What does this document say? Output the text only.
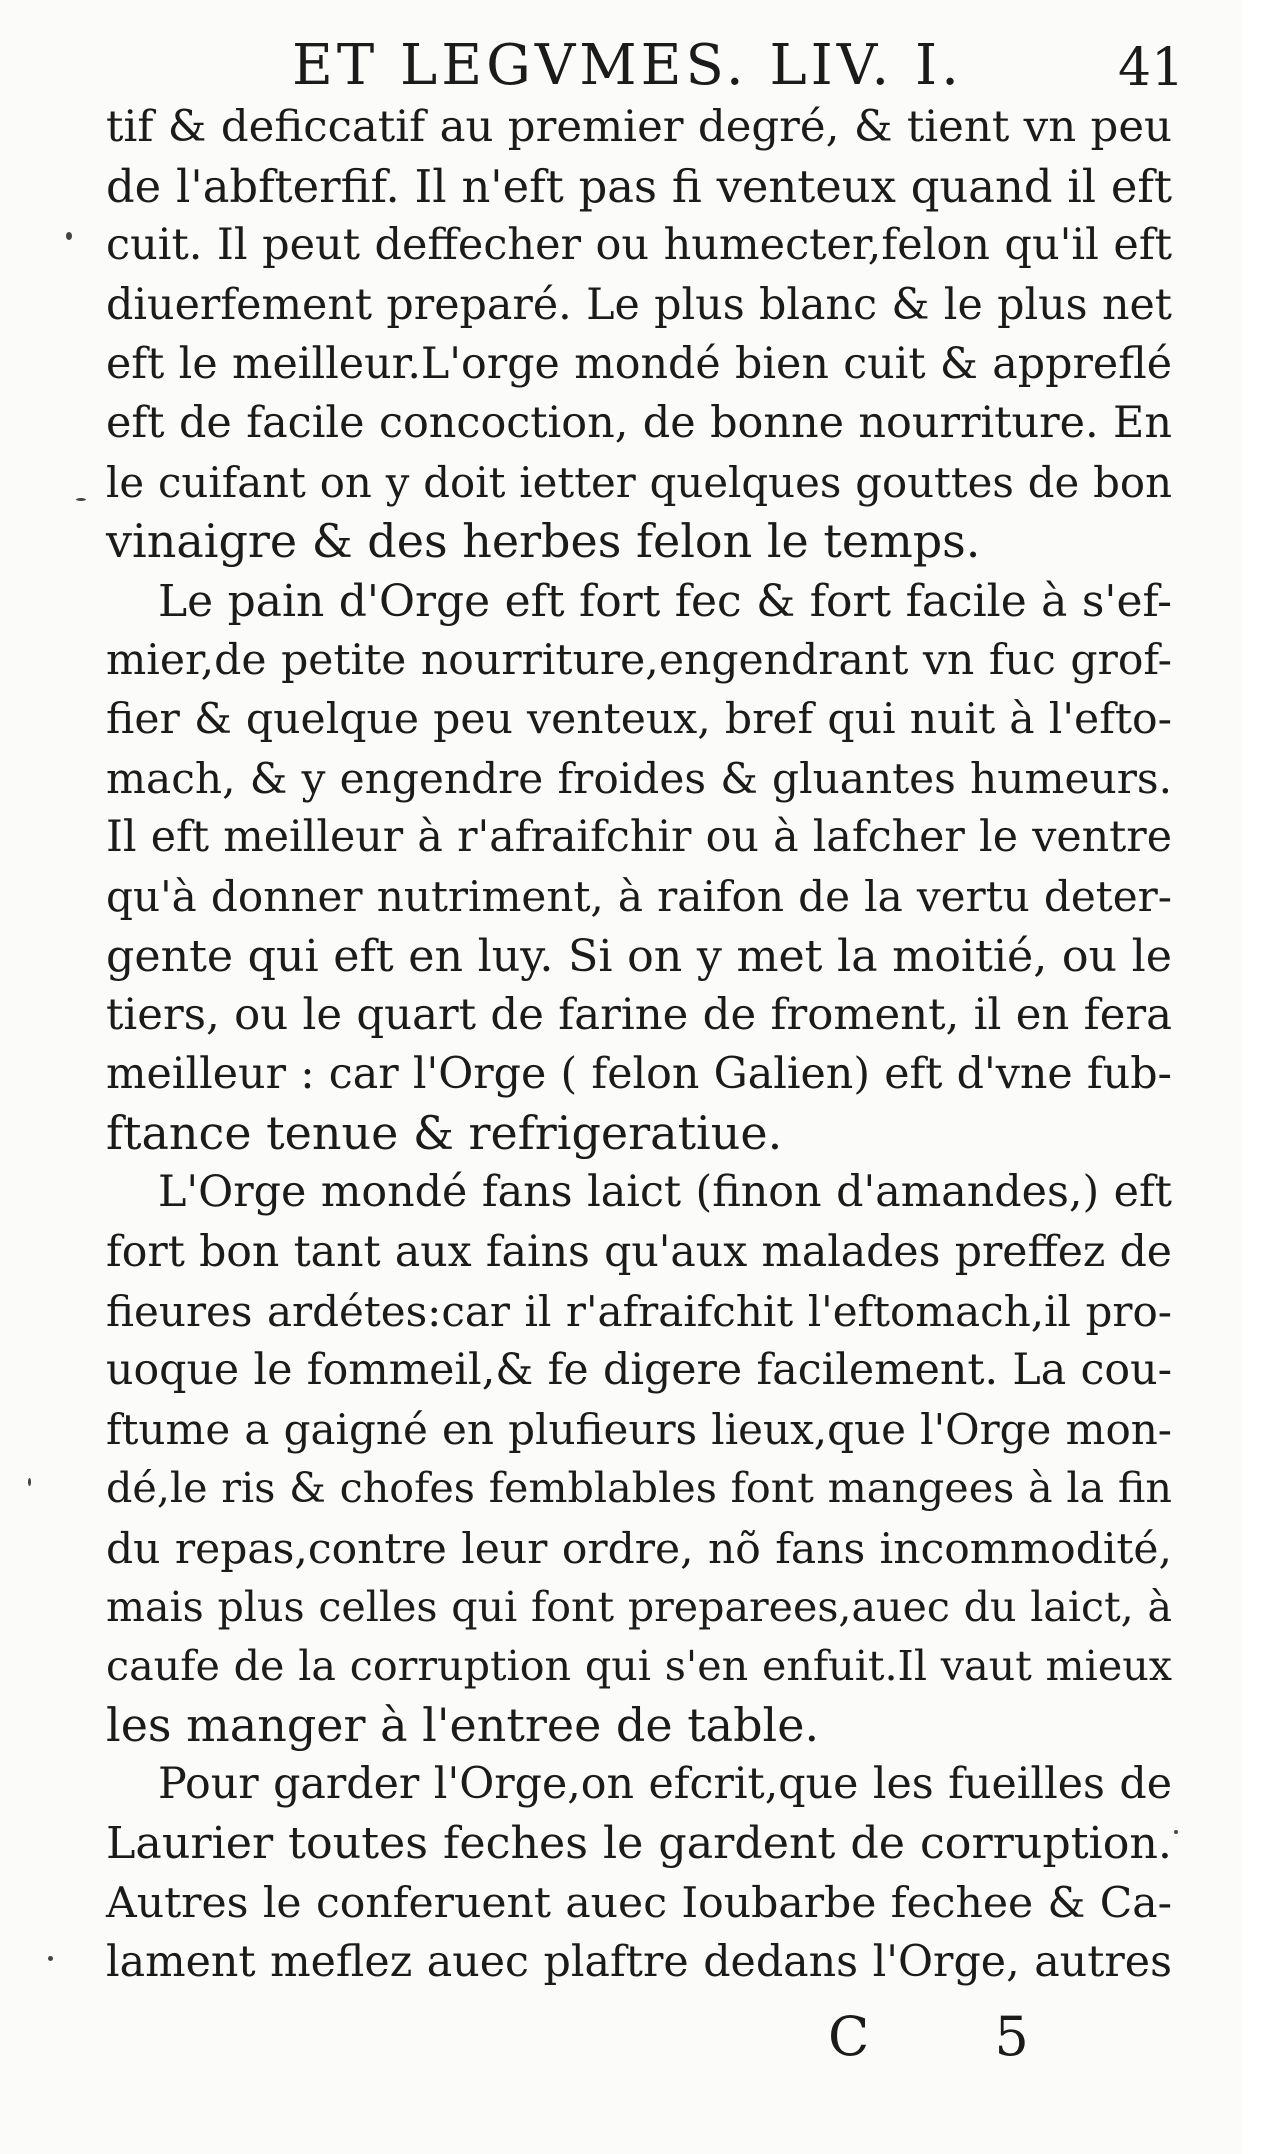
ET LEGVMES. LIV. I.	41
tif & deficcatif au premier degré, & tient vn peu
de l'abfterfif. Il n'eft pas fi venteux quand il eft
cuit. Il peut deffecher ou humecter,felon qu'il eft
diuerfement preparé. Le plus blanc & le plus net
eft le meilleur.L'orge mondé bien cuit & appreflé
eft de facile concoction, de bonne nourriture. En
le cuifant on y doit ietter quelques gouttes de bon
vinaigre & des herbes felon le temps.
Le pain d'Orge eft fort fec & fort facile à s'ef-
mier,de petite nourriture,engendrant vn fuc grof-
fier & quelque peu venteux, bref qui nuit à l'efto-
mach, & y engendre froides & gluantes humeurs.
Il eft meilleur à r'afraifchir ou à lafcher le ventre
qu'à donner nutriment, à raifon de la vertu deter-
gente qui eft en luy. Si on y met la moitié, ou le
tiers, ou le quart de farine de froment, il en fera
meilleur : car l'Orge ( felon Galien) eft d'vne fub-
ftance tenue & refrigeratiue.
L'Orge mondé fans laict (finon d'amandes,) eft
fort bon tant aux fains qu'aux malades preffez de
fieures ardétes:car il r'afraifchit l'eftomach,il pro-
uoque le fommeil,& fe digere facilement. La cou-
ftume a gaigné en plufieurs lieux,que l'Orge mon-
dé,le ris & chofes femblables font mangees à la fin
du repas,contre leur ordre, nõ fans incommodité,
mais plus celles qui font preparees,auec du laict, à
caufe de la corruption qui s'en enfuit.Il vaut mieux
les manger à l'entree de table.
Pour garder l'Orge,on efcrit,que les fueilles de
Laurier toutes feches le gardent de corruption.
Autres le conferuent auec Ioubarbe fechee & Ca-
lament meflez auec plaftre dedans l'Orge, autres
C 5
